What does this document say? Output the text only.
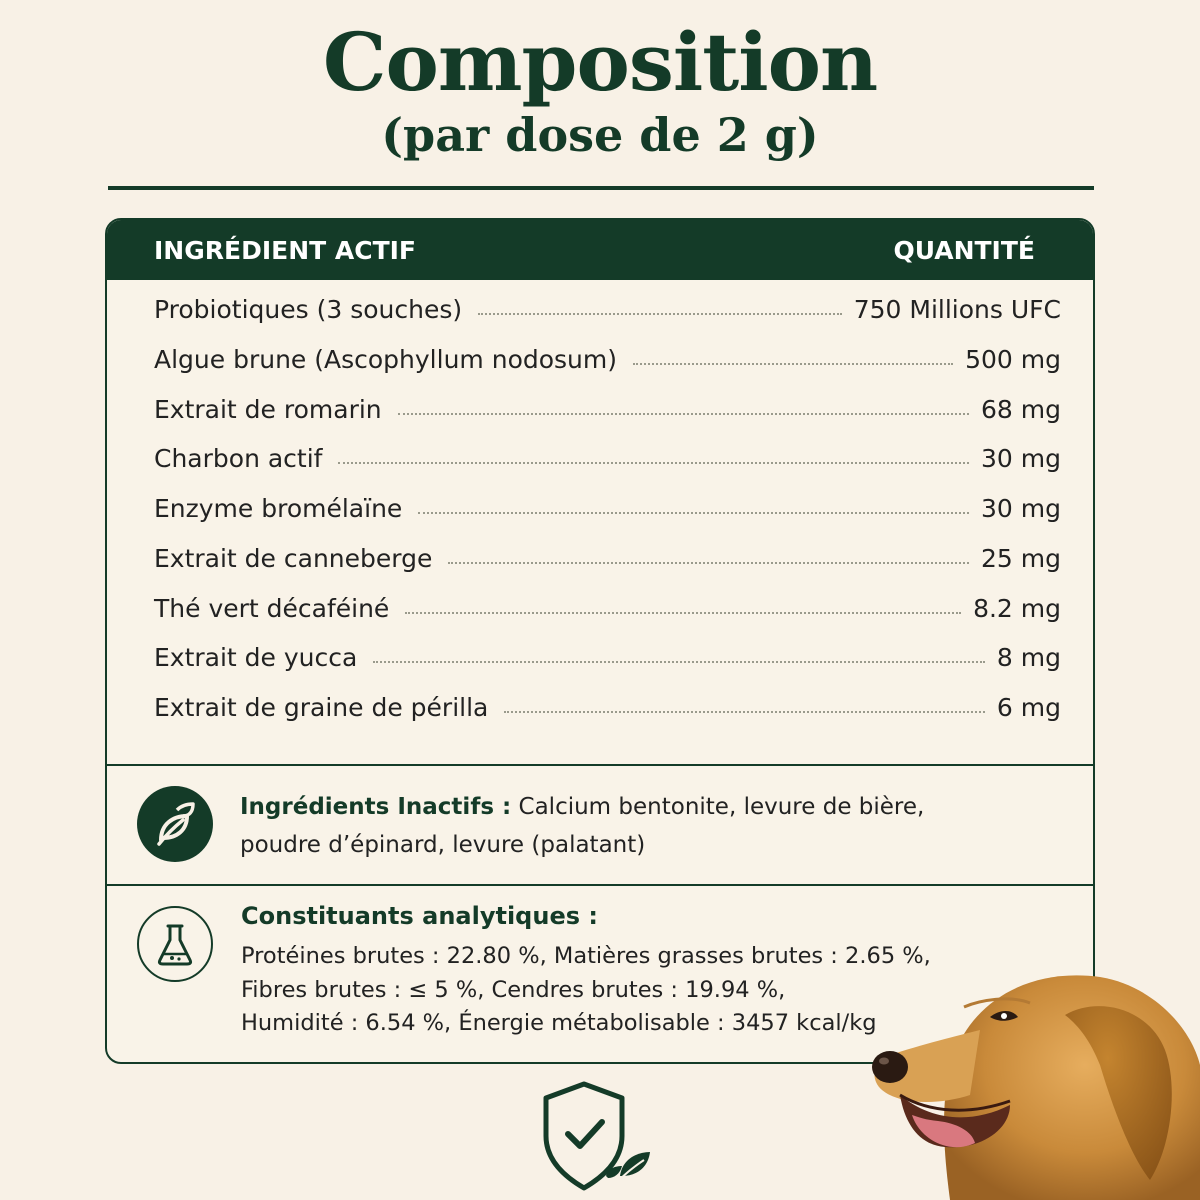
Composition
(par dose de 2 g)
INGRÉDIENT ACTIF	QUANTITÉ
Probiotiques (3 souches)	750 Millions UFC
Algue brune (Ascophyllum nodosum)	500 mg
Extrait de romarin	68 mg
Charbon actif	30 mg
Enzyme bromélaïne	30 mg
Extrait de canneberge	25 mg
Thé vert décaféiné	8.2 mg
Extrait de yucca	8 mg
Extrait de graine de périlla	6 mg
Ingrédients Inactifs : Calcium bentonite, levure de bière,
poudre d’épinard, levure (palatant)
Constituants analytiques :
Protéines brutes : 22.80 %, Matières grasses brutes : 2.65 %,
Fibres brutes : ≤ 5 %, Cendres brutes : 19.94 %,
Humidité : 6.54 %, Énergie métabolisable : 3457 kcal/kg
